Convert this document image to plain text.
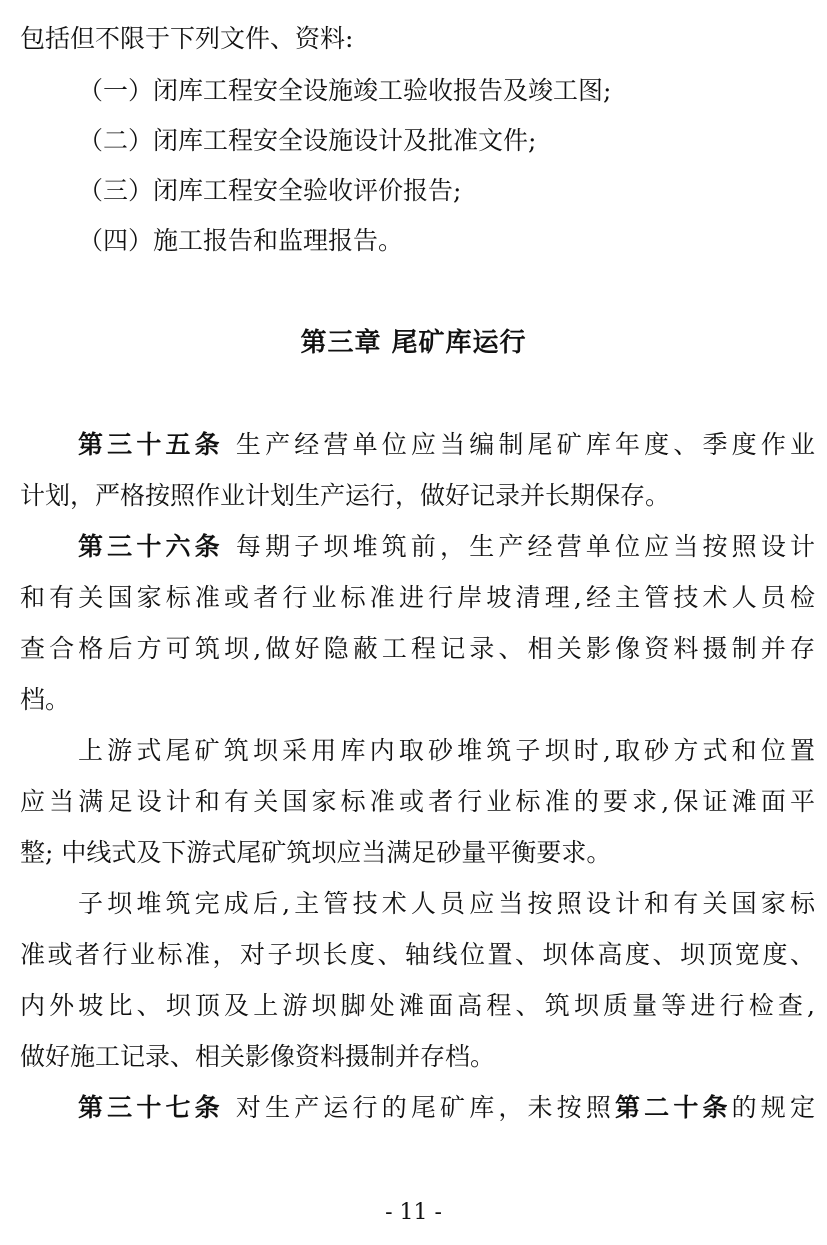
包括但不限于下列文件、资料:
（一）闭库工程安全设施竣工验收报告及竣工图;
（二）闭库工程安全设施设计及批准文件;
（三）闭库工程安全验收评价报告;
（四）施工报告和监理报告。
第三章 尾矿库运行
第三十五条 生产经营单位应当编制尾矿库年度、季度作业
计划，严格按照作业计划生产运行，做好记录并长期保存。
第三十六条 每期子坝堆筑前，生产经营单位应当按照设计
和有关国家标准或者行业标准进行岸坡清理,经主管技术人员检
查合格后方可筑坝,做好隐蔽工程记录、相关影像资料摄制并存
档。
上游式尾矿筑坝采用库内取砂堆筑子坝时,取砂方式和位置
应当满足设计和有关国家标准或者行业标准的要求,保证滩面平
整; 中线式及下游式尾矿筑坝应当满足砂量平衡要求。
子坝堆筑完成后,主管技术人员应当按照设计和有关国家标
准或者行业标准，对子坝长度、轴线位置、坝体高度、坝顶宽度、
内外坡比、坝顶及上游坝脚处滩面高程、筑坝质量等进行检查,
做好施工记录、相关影像资料摄制并存档。
第三十七条 对生产运行的尾矿库，未按照第二十条的规定
- 11 -
